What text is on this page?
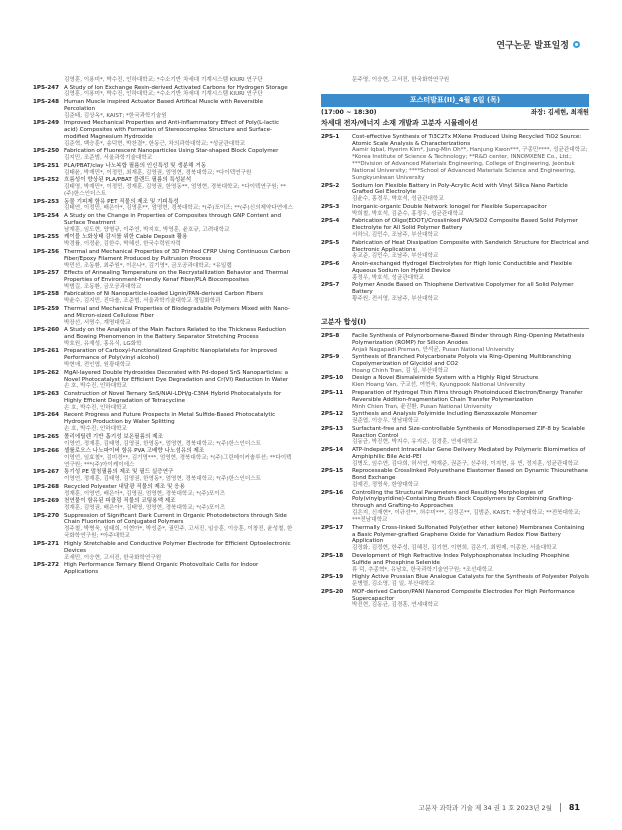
연구논문 발표일정
김영훈, 이용미*, 박수진, 인하대학교; *수소기반 차세대 기계시스템 KIURI 연구단
1PS-247 A Study of Ion Exchange Resin-derived Activated Carbons for Hydrogen Storage
김영훈, 이용미*, 박수진, 인하대학교; *수소기반 차세대 기계시스템 KIURI 연구단
1PS-248 Human Muscle inspired Actuator Based Artifical Muscle with Reversible Percolation
김준태, 김상옥*, KAIST; *한국과학기술원
1PS-249 Improved Mechanical Properties and Anti-inflammatory Effect of Poly(L-lactic acid) Composites with Formation of Stereocomplex Structure and Surface-modified Magnesium Hydroxide
김준혁, 백승훈*, 송덕현, 박찬결*, 한동근, 차의과학대학교; *성균관대학교
1PS-250 Fabrication of Fluorescent Nanoparticles Using Star-shaped Block Copolymer
김지민, 조준범, 서울과학기술대학교
1PS-251 PLA/PBAT/clay 나노복합 필름의 인신특성 및 생분해 거동
김태윤, 박재민*, 이정민, 최재훈, 김영권, 엄영현, 경북대학교; *다이텍연구원
1PS-252 흐름성이 향상된 PLA/PBAT 블렌드 필름의 특성분석
김태영, 박재민*, 이정민, 정재훈, 김영권, 한영동**, 엄영현, 경북대학교; *다이텍연구원; **(주)한스인더스트
1PS-253 동물 기피제 함유 PET 직물의 제조 및 기피특성
김태연, 이정민, 배은아*, 김영훈**, 엄영현, 경북대학교; *(주)포이즈; **(주)신의제약다연에스
1PS-254 A Study on the Change in Properties of Composites through GNP Content and Surface Treatment
남재훈, 임도현, 양형규, 이주연, 박지호, 박영훈, 윤호규, 고려대학교
1PS-255 케이블 노화상태 감시를 위한 Cable Deposit 활용
박경률, 이정윤, 김한수, 박혜선, 한국수력원자력
1PS-256 Thermal and Mechanical Properties of 3D Printed CFRP Using Continuous Carbon Fiber/Epoxy Filament Produced by Pultrusion Process
박민선, 조동환, 최주원*, 이은나*, 김기영*, 금오공과대학교; *유일랩
1PS-257 Effects of Annealing Temperature on the Recrystallization Behavior and Thermal Properties of Environment-Friendly Kenaf Fiber/PLA Biocomposites
박범길, 조동환, 금오공과대학교
1PS-258 Fabrication of Ni Nanoparticle-loaded Lignin/PAN-derived Carbon Fibers
박윤수, 김지민, 진다솔, 조준범, 서울과학기술대학교 정밀화학과
1PS-259 Thermal and Mechanical Properties of Biodegradable Polymers Mixed with Nano- and Micron-sized Cellulose Fiber
박장선, 서명수, 계명대학교
1PS-260 A Study on the Analysis of the Main Factors Related to the Thickness Reduction and Bowing Phenomenon in the Battery Separator Stretching Process
박호원, 유재성, 홍유식, LG화학
1PS-261 Preparation of Carboxyl-functionalized Graphitic Nanoplatelets for Improved Performance of Poly(vinyl alcohol)
박현애, 전인엽, 원광대학교
1PS-262 MgAl-layered Double Hydroxides Decorated with Pd-doped SnS Nanoparticles: a Novel Photocatalyst for Efficient Dye Degradation and Cr(VI) Reduction In Water
손 호, 박수진, 인하대학교
1PS-263 Construction of Novel Ternary SnS/NiAl-LDH/g-C3N4 Hybrid Photocatalysts for Highly Efficient Degradation of Tetracycline
손 호, 박수진, 인하대학교
1PS-264 Recent Progress and Future Prospects in Metal Sulfide-Based Photocatalytic Hydrogen Production by Water Splitting
손 호, 박수진, 인하대학교
1PS-265 폴리에틸렌 기반 흡기성 보온필름의 제조
이영언, 정재훈, 김태영, 김영권, 한영동*, 엄영현, 경북대학교; *(주)한스인더스트
1PS-266 셀룰로오스 나노파이버 함유 PVA 고배향 나노섬유의 제조
이영언, 임효철*, 김미경**, 김기영***, 엄영현, 경북대학교; *(주)그린메이커솔루션; **다이텍연구원; ***(주)아이케이에스
1PS-267 통기성 PE 멀칭필름의 제조 및 필드 실증연구
이영언, 정재훈, 김태영, 김영권, 한영동*, 엄영현, 경북대학교; *(주)한스인더스트
1PS-268 Recycled Polyester 내달광 직물의 제조 및 응용
정재훈, 이영언, 배은아*, 김영권, 엄영현, 경북대학교; *(주)포이즈
1PS-269 천연물이 함유된 피클링 직물의 코팅용액 제조
정재훈, 김영권, 배은아*, 김태영, 엄영현, 경북대학교; *(주)포이즈
1PS-270 Suppression of Significant Dark Current in Organic Photodetectors through Side Chain Fluorination of Conjugated Polymers
정주철, 박병욱, 임태희, 이현아*, 박성준*, 권민주, 고서진, 임승훈, 이승훈, 이창진, 윤성철, 한국화학연구원; *아주대학교
1PS-271 Highly Stretchable and Conductive Polymer Electrode for Efficient Optoelectronic Devices
조세민, 이승현, 고서진, 한국화학연구원
1PS-272 High Performance Ternary Blend Organic Photovoltaic Cells for Indoor Applications
문주영, 이승현, 고서진, 한국화학연구원
포스터발표(II)_4월 6일 (목)
(17:00 ~ 18:30)	좌장: 김세현, 최재원
차세대 전자/에너지 소재 개발과 고분자 시뮬레이션
2PS-1	Cost-effective Synthesis of Ti3C2Tx MXene Produced Using Recycled TiO2 Source: Atomic Scale Analysis & Characterizations
Aamir Iqbal, Hyerim Kim*, Jung-Min Oh**, Hanjung Kwon***, 구종민****, 성균관대학교; *Korea Institute of Science & Technology; **R&D center, INNOMXENE Co., Ltd.; ***Division of Advanced Materials Engineering, College of Engineering, Jeonbuk National University; ****School of Advanced Materials Science and Engineering, Sungkyunkwan University
2PS-2	Sodium Ion Flexible Battery in Poly-Acrylic Acid with Vinyl Silica Nano Particle Grafted Gel Electrolyte
김윤수, 홍정우, 박호석, 성균관대학교
2PS-3	Inorganic-organic Double Network Ionogel for Flexible Supercapacitor
박희철, 박호석, 김준수, 홍정우, 성균관대학교
2PS-4	Fabrication of Oligo(EDOT)/Crosslinked PVA/SiO2 Composite Based Solid Polymer Electrolyte for All Solid Polymer Battery
서하늬, 김민수, 조남주, 부산대학교
2PS-5	Fabrication of Heat Dissipation Composite with Sandwich Structure for Electrical and Electronic Applications
송교준, 김민수, 조남주, 부산대학교
2PS-6	Anoin-exchanged Hydrogel Electrolytes for High Ionic Conductible and Flexible Aqueous Sodium Ion Hybrid Device
홍정우, 박호석, 성균관대학교
2PS-7	Polymer Anode Based on Thiophene Derivative Copolymer for all Solid Polymer Battery
황주원, 전서영, 조남주, 부산대학교
고분자 합성(I)
2PS-8	Facile Synthesis of Polynorbornene-Based Binder through Ring-Opening Metathesis Polymerization (ROMP) for Silicon Anodes
Anjali Nagapadi Preman, 안석균, Pusan National University
2PS-9	Synthesis of Branched Polycarbonate Polyols via Ring-Opening Multibranching Copolymerization of Glycidol and CO2
Hoang Chinh Tran, 김 일, 부산대학교
2PS-10	Design a Novel Bismaleimide System with a Highly Rigid Structure
Kien Hoang Van, 구교선, 여현욱, Kyungpook National University
2PS-11	Preparation of Hydrogel Thin Films through Photoinduced Electron/Energy Transfer Reversible Addition-fragmentation Chain Transfer Polymerization
Minh Chien Tran, 윤진환, Pusan National University
2PS-12	Synthesis and Analysis Polyimide Including Benzoxazole Monomer
권준엽, 이승우, 영남대학교
2PS-13	Surfactant-free and Size-controllable Synthesis of Monodispersed ZIF-8 by Scalable Reaction Control
김동균, 박진현, 박지수, 유지은, 김경훈, 연세대학교
2PS-14	ATP-Independent Intracellular Gene Delivery Mediated by Polymeric Biomimetics of Amphiphilic Bile Acid-PEI
김병도, 임수연, 김다희, 허서연, 박재준, 권준구, 신주하, 이지현, 유 빈, 정지훈, 성균관대학교
2PS-15	Reprocessable Crosslinked Polyurethane Elastomer Based on Dynamic Thiourethane Bond Exchange
김예진, 정명욱, 한양대학교
2PS-16	Controlling the Structural Parameters and Resulting Morphologies of Poly(vinylpyridine)-Containing Brush Block Copolymers by Combining Grafting-through and Grafting-to Approaches
김은지, 신재현*, 이규선**, 허수미***, 김정곤**, 김범준, KAIST; *충남대학교; **전북대학교; ***전남대학교
2PS-17	Thermally Cross-linked Sulfonated Poly(ether ether ketone) Membranes Containing a Basic Polymer-grafted Graphene Oxide for Vanadium Redox Flow Battery Application
김정화, 김정현, 한주성, 김혜진, 김기현, 이현희, 김은기, 최원제, 이종찬, 서울대학교
2PS-18	Development of High Refractive Index Polyphosphonates including Phosphine Sulfide and Phosphine Selenide
류 덕, 추종혁*, 유남호, 한국과학기술연구원; *조선대학교
2PS-19	Highly Active Prussian Blue Analogue Catalysts for the Synthesis of Polyester Polyols
문병렬, 김소영, 김 일, 부산대학교
2PS-20	MOF-derived Carbon/PANI Nanorod Composite Electrodes For High Performance Supercapacitor
박진현, 김동균, 김경훈, 연세대학교
고분자 과학과 기술 제 34 권 1 호 2023년 2월 81
